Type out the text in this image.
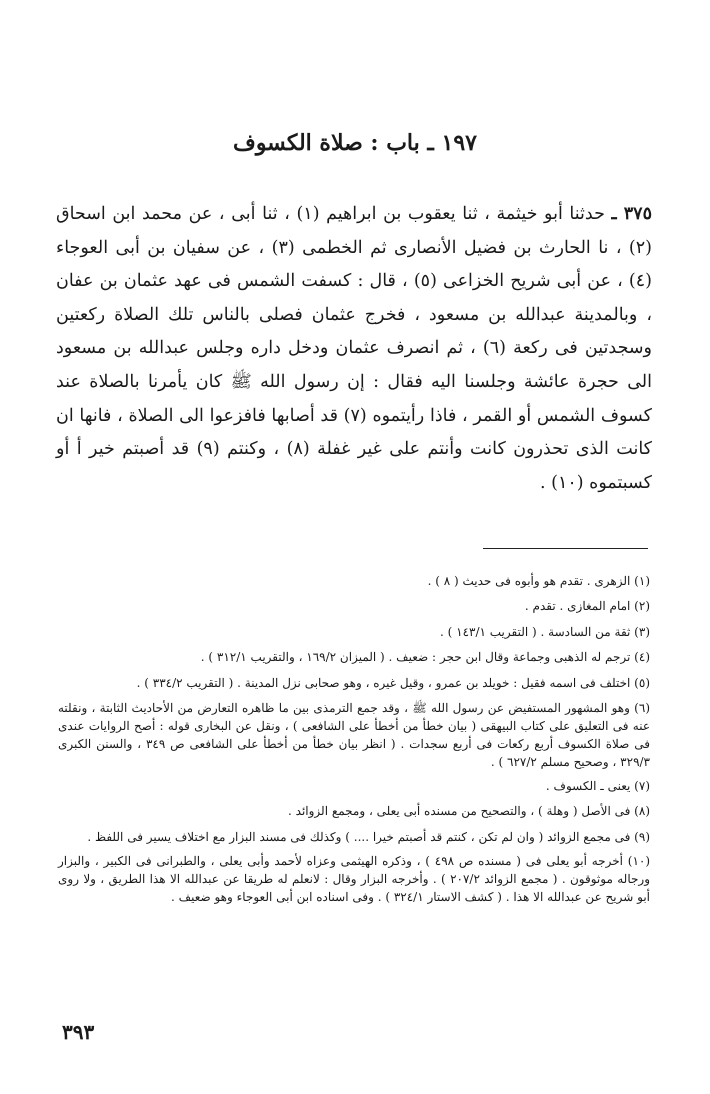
١٩٧ ـ باب : صلاة الكسوف

٣٧٥ ـ حدثنا أبو خيثمة ، ثنا يعقوب بن ابراهيم (١) ، ثنا أبى ، عن محمد ابن اسحاق (٢) ، نا الحارث بن فضيل الأنصارى ثم الخطمى (٣) ، عن سفيان بن أبى العوجاء (٤) ، عن أبى شريح الخزاعى (٥) ، قال : كسفت الشمس فى عهد عثمان بن عفان ، وبالمدينة عبدالله بن مسعود ، فخرج عثمان فصلى بالناس تلك الصلاة ركعتين وسجدتين فى ركعة (٦) ، ثم انصرف عثمان ودخل داره وجلس عبدالله بن مسعود الى حجرة عائشة وجلسنا اليه فقال : إن رسول الله ﷺ كان يأمرنا بالصلاة عند كسوف الشمس أو القمر ، فاذا رأيتموه (٧) قد أصابها فافزعوا الى الصلاة ، فانها ان كانت الذى تحذرون كانت وأنتم على غير غفلة (٨) ، وكنتم (٩) قد أصبتم خير أ أو كسبتموه (١٠) .

(١) الزهرى . تقدم هو وأبوه فى حديث ( ٨ ) .
(٢) امام المغازى . تقدم .
(٣) ثقة من السادسة . ( التقريب ١٤٣/١ ) .
(٤) ترجم له الذهبى وجماعة وقال ابن حجر : ضعيف . ( الميزان ١٦٩/٢ ، والتقريب ٣١٢/١ ) .
(٥) اختلف فى اسمه فقيل : خويلد بن عمرو ، وقيل غيره ، وهو صحابى نزل المدينة . ( التقريب ٣٣٤/٢ ) .
(٦) وهو المشهور المستفيض عن رسول الله ﷺ ، وقد جمع الترمذى بين ما ظاهره التعارض من الأحاديث الثابتة ، ونقلته عنه فى التعليق على كتاب البيهقى ( بيان خطأ من أخطأ على الشافعى ) ، ونقل عن البخارى قوله : أصح الروايات عندى فى صلاة الكسوف أربع ركعات فى أربع سجدات . ( انظر بيان خطأ من أخطأ على الشافعى ص ٣٤٩ ، والسنن الكبرى ٣٢٩/٣ ، وصحيح مسلم ٦٢٧/٢ ) .
(٧) يعنى ـ الكسوف .
(٨) فى الأصل ( وهلة ) ، والتصحيح من مسنده أبى يعلى ، ومجمع الزوائد .
(٩) فى مجمع الزوائد ( وان لم تكن ، كنتم قد أصبتم خيرا .... ) وكذلك فى مسند البزار مع اختلاف يسير فى اللفظ .
(١٠) أخرجه أبو يعلى فى ( مسنده ص ٤٩٨ ) ، وذكره الهيثمى وعزاه لأحمد وأبى يعلى ، والطبرانى فى الكبير ، والبزار ورجاله موثوقون . ( مجمع الزوائد ٢٠٧/٢ ) . وأخرجه البزار وقال : لانعلم له طريقا عن عبدالله الا هذا الطريق ، ولا روى أبو شريح عن عبدالله الا هذا . ( كشف الاستار ٣٢٤/١ ) . وفى اسناده ابن أبى العوجاء وهو ضعيف .
٣٩٣
